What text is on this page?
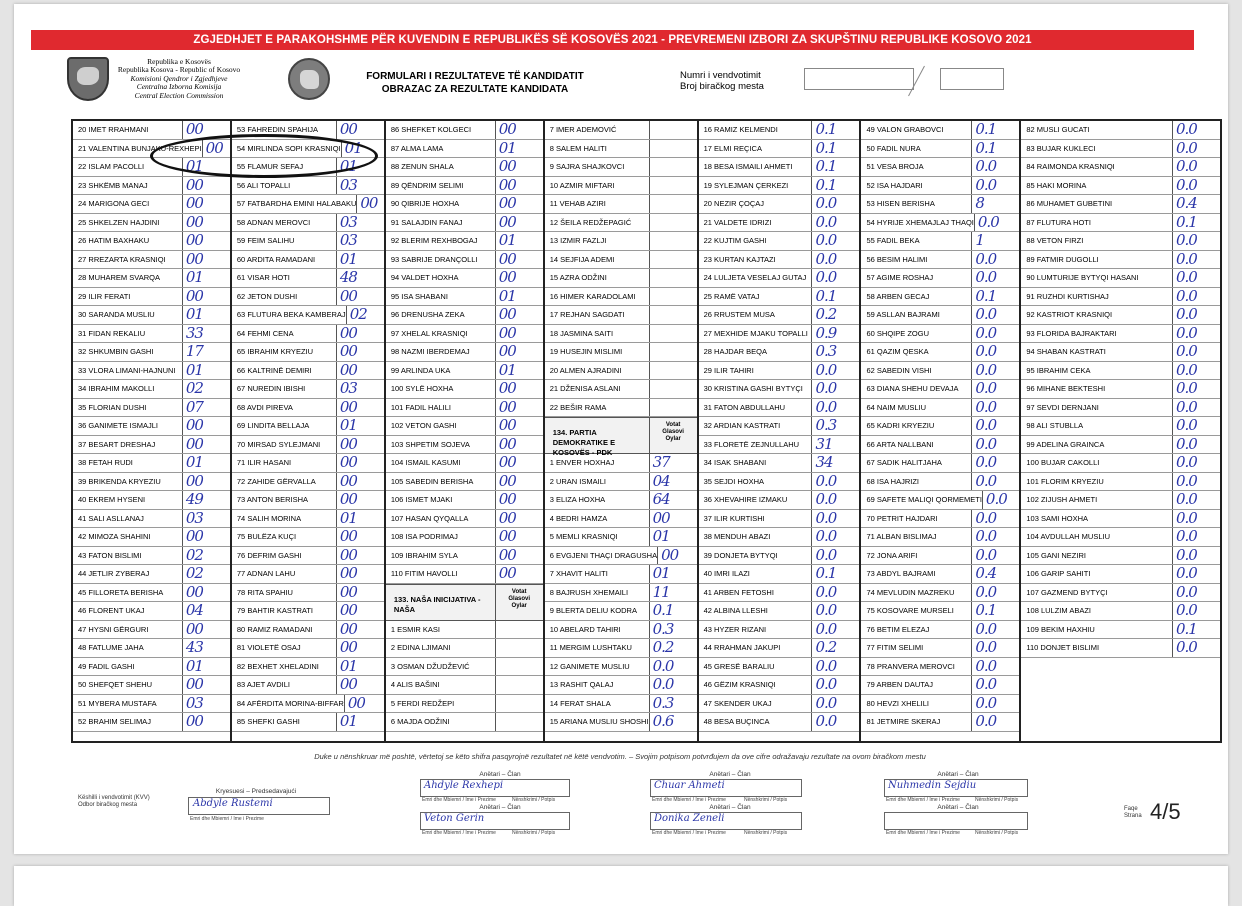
ZGJEDHJET E PARAKOHSHME PËR KUVENDIN E REPUBLIKËS SË KOSOVËS 2021 - PREVREMENI IZBORI ZA SKUPŠTINU REPUBLIKE KOSOVO 2021
Republika e Kosovës
Republika Kosova - Republic of Kosovo
Komisioni Qendror i Zgjedhjeve
Centralna Izborna Komisija
Central Election Commission
FORMULARI I REZULTATEVE TË KANDIDATIT
OBRAZAC ZA REZULTATE KANDIDATA
Numri i vendvotimit
Broj biračkog mesta
20 IMET RRAHMANI	00
21 VALENTINA BUNJAKU-REXHEPI 00
22 ISLAM PACOLLI	01
23 SHKËMB MANAJ	00
24 MARIGONA GECI	00
25 SHKELZEN HAJDINI	00
26 HATIM BAXHAKU	00
27 RREZARTA KRASNIQI	00
28 MUHAREM SVARQA	01
29 ILIR FERATI	00
30 SARANDA MUSLIU	01
31 FIDAN REKALIU	33
32 SHKUMBIN GASHI	17
33 VLORA LIMANI-HAJNUNI 01
34 IBRAHIM MAKOLLI	02
35 FLORIAN DUSHI	07
36 GANIMETE ISMAJLI	00
37 BESART DRESHAJ	00
38 FETAH RUDI	01
39 BRIKENDA KRYEZIU	00
40 EKREM HYSENI	49
41 SALI ASLLANAJ	03
42 MIMOZA SHAHINI	00
43 FATON BISLIMI	02
44 JETLIR ZYBERAJ	02
45 FILLORETA BERISHA	00
46 FLORENT UKAJ	04
47 HYSNI GËRGURI	00
48 FATLUME JAHA	43
49 FADIL GASHI	01
50 SHEFQET SHEHU	00
51 MYBERA MUSTAFA	03
52 BRAHIM SELIMAJ	00
53 FAHREDIN SPAHIJA	00
54 MIRLINDA SOPI KRASNIQI 01
55 FLAMUR SEFAJ	01
56 ALI TOPALLI	03
57 FATBARDHA EMINI HALABAKU 00
58 ADNAN MEROVCI	03
59 FEIM SALIHU	03
60 ARDITA RAMADANI	01
61 VISAR HOTI	48
62 JETON DUSHI	00
63 FLUTURA BEKA KAMBERAJ 02
64 FEHMI CENA	00
65 IBRAHIM KRYEZIU	00
66 KALTRINË DEMIRI	00
67 NUREDIN IBISHI	03
68 AVDI PIREVA	00
69 LINDITA BELLAJA	01
70 MIRSAD SYLEJMANI	00
71 ILIR HASANI	00
72 ZAHIDE GËRVALLA	00
73 ANTON BERISHA	00
74 SALIH MORINA	01
75 BULËZA KUÇI	00
76 DEFRIM GASHI	00
77 ADNAN LAHU	00
78 RITA SPAHIU	00
79 BAHTIR KASTRATI	00
80 RAMIZ RAMADANI	00
81 VIOLETË OSAJ	00
82 BEXHET XHELADINI	01
83 AJET AVDILI	00
84 AFËRDITA MORINA-BIFFAR 00
85 SHEFKI GASHI	01
86 SHEFKET KOLGECI	00
87 ALMA LAMA	01
88 ZENUN SHALA	00
89 QËNDRIM SELIMI	00
90 QIBRIJE HOXHA	00
91 SALAJDIN FANAJ	00
92 BLERIM REXHBOGAJ	01
93 SABRIJE DRANÇOLLI	00
94 VALDET HOXHA	00
95 ISA SHABANI	01
96 DRENUSHA ZEKA	00
97 XHELAL KRASNIQI	00
98 NAZMI IBERDEMAJ	00
99 ARLINDA UKA	01
100 SYLË HOXHA	00
101 FADIL HALILI	00
102 VETON GASHI	00
103 SHPETIM SOJEVA	00
104 ISMAIL KASUMI	00
105 SABEDIN BERISHA	00
106 ISMET MJAKI	00
107 HASAN QYQALLA	00
108 ISA PODRIMAJ	00
109 IBRAHIM SYLA	00
110 FITIM HAVOLLI	00
133. NAŠA INICIJATIVA - NAŠA
Votat
Glasovi
Oylar
1 ESMIR KASI
2 EDINA LJIMANI
3 OSMAN DŽUDŽEVIĆ
4 ALIS BAŠINI
5 FERDI REDŽEPI
6 MAJDA ODŽINI
7 IMER ADEMOVIĆ
8 SALEM HALITI
9 SAJRA SHAJKOVCI
10 AZMIR MIFTARI
11 VEHAB AZIRI
12 ŠEILA REDŽEPAGIĆ
13 IZMIR FAZLJI
14 SEJFIJA ADEMI
15 AZRA ODŽINI
16 HIMER KARADOLAMI
17 REJHAN SAGDATI
18 JASMINA SAITI
19 HUSEJIN MISLIMI
20 ALMEN AJRADINI
21 DŽENISA ASLANI
22 BEŠIR RAMA
134. PARTIA DEMOKRATIKE E KOSOVËS - PDK
Votat
Glasovi
Oylar
1 ENVER HOXHAJ	37
2 URAN ISMAILI	04
3 ELIZA HOXHA	64
4 BEDRI HAMZA	00
5 MEMLI KRASNIQI	01
6 EVGJENI THAÇI DRAGUSHA 00
7 XHAVIT HALITI	01
8 BAJRUSH XHEMAILI	11
9 BLERTA DELIU KODRA	0.1
10 ABELARD TAHIRI	0.3
11 MERGIM LUSHTAKU	0.2
12 GANIMETE MUSLIU	0.0
13 RASHIT QALAJ	0.0
14 FERAT SHALA	0.3
15 ARIANA MUSLIU SHOSHI 0.6
16 RAMIZ KELMENDI	0.1
17 ELMI REÇICA	0.1
18 BESA ISMAILI AHMETI	0.1
19 SYLEJMAN ÇERKEZI	0.1
20 NEZIR ÇOÇAJ	0.0
21 VALDETE IDRIZI	0.0
22 KUJTIM GASHI	0.0
23 KURTAN KAJTAZI	0.0
24 LULJETA VESELAJ GUTAJ 0.0
25 RAMË VATAJ	0.1
26 RRUSTEM MUSA	0.2
27 MEXHIDE MJAKU TOPALLI 0.9
28 HAJDAR BEQA	0.3
29 ILIR TAHIRI	0.0
30 KRISTINA GASHI BYTYÇI 0.0
31 FATON ABDULLAHU	0.0
32 ARDIAN KASTRATI	0.3
33 FLORETË ZEJNULLAHU	31
34 ISAK SHABANI	34
35 SEJDI HOXHA	0.0
36 XHEVAHIRE IZMAKU	0.0
37 ILIR KURTISHI	0.0
38 MENDUH ABAZI	0.0
39 DONJETA BYTYQI	0.0
40 IMRI ILAZI	0.1
41 ARBEN FETOSHI	0.0
42 ALBINA LLESHI	0.0
43 HYZER RIZANI	0.0
44 RRAHMAN JAKUPI	0.2
45 GRESË BARALIU	0.0
46 GËZIM KRASNIQI	0.0
47 SKENDER UKAJ	0.0
48 BESA BUÇINCA	0.0
49 VALON GRABOVCI	0.1
50 FADIL NURA	0.1
51 VESA BROJA	0.0
52 ISA HAJDARI	0.0
53 HISEN BERISHA	8
54 HYRIJE XHEMAJLAJ THAQI 0.0
55 FADIL BEKA	1
56 BESIM HALIMI	0.0
57 AGIME ROSHAJ	0.0
58 ARBEN GECAJ	0.1
59 ASLLAN BAJRAMI	0.0
60 SHQIPE ZOGU	0.0
61 QAZIM QESKA	0.0
62 SABEDIN VISHI	0.0
63 DIANA SHEHU DEVAJA	0.0
64 NAIM MUSLIU	0.0
65 KADRI KRYEZIU	0.0
66 ARTA NALLBANI	0.0
67 SADIK HALITJAHA	0.0
68 ISA HAJRIZI	0.0
69 SAFETE MALIQI QORMEMETI 0.0
70 PETRIT HAJDARI	0.0
71 ALBAN BISLIMAJ	0.0
72 JONA ARIFI	0.0
73 ABDYL BAJRAMI	0.4
74 MEVLUDIN MAZREKU	0.0
75 KOSOVARE MURSELI	0.1
76 BETIM ELEZAJ	0.0
77 FITIM SELIMI	0.0
78 PRANVERA MEROVCI	0.0
79 ARBEN DAUTAJ	0.0
80 HEVZI XHELILI	0.0
81 JETMIRE SKERAJ	0.0
82 MUSLI GUCATI	0.0
83 BUJAR KUKLECI	0.0
84 RAIMONDA KRASNIQI	0.0
85 HAKI MORINA	0.0
86 MUHAMET GUBETINI	0.4
87 FLUTURA HOTI	0.1
88 VETON FIRZI	0.0
89 FATMIR DUGOLLI	0.0
90 LUMTURIJE BYTYQI HASANI	0.0
91 RUZHDI KURTISHAJ	0.0
92 KASTRIOT KRASNIQI	0.0
93 FLORIDA BAJRAKTARI	0.0
94 SHABAN KASTRATI	0.0
95 IBRAHIM CEKA	0.0
96 MIHANE BEKTESHI	0.0
97 SEVDI DERNJANI	0.0
98 ALI STUBLLA	0.0
99 ADELINA GRAINCA	0.0
100 BUJAR CAKOLLI	0.0
101 FLORIM KRYEZIU	0.0
102 ZIJUSH AHMETI	0.0
103 SAMI HOXHA	0.0
104 AVDULLAH MUSLIU	0.0
105 GANI NEZIRI	0.0
106 GARIP SAHITI	0.0
107 GAZMEND BYTYÇI	0.0
108 LULZIM ABAZI	0.0
109 BEKIM HAXHIU	0.1
110 DONJET BISLIMI	0.0
Duke u nënshkruar më poshtë, vërtetoj se këto shifra pasqyrojnë rezultatet në këtë vendvotim. – Svojim potpisom potvrđujem da ove cifre odražavaju rezultate na ovom biračkom mestu
Këshilli i vendvotimit (KVV)
Odbor biračkog mesta
Kryesuesi – Predsedavajući
Abdyle Rustemi
Emri dhe Mbiemri / Ime i Prezime
Anëtari – Član
Ahdyle Rexhepi
Emri dhe Mbiemri / Ime i Prezime	Nënshkrimi / Potpis
Anëtari – Član
Chuar Ahmeti
Emri dhe Mbiemri / Ime i Prezime	Nënshkrimi / Potpis
Anëtari – Član
Nuhmedin Sejdiu
Emri dhe Mbiemri / Ime i Prezime	Nënshkrimi / Potpis
Anëtari – Član
Veton Gerin
Emri dhe Mbiemri / Ime i Prezime	Nënshkrimi / Potpis
Anëtari – Član
Donika Zeneli
Emri dhe Mbiemri / Ime i Prezime	Nënshkrimi / Potpis
Anëtari – Član
Emri dhe Mbiemri / Ime i Prezime	Nënshkrimi / Potpis
Faqe
Strana 4/5
